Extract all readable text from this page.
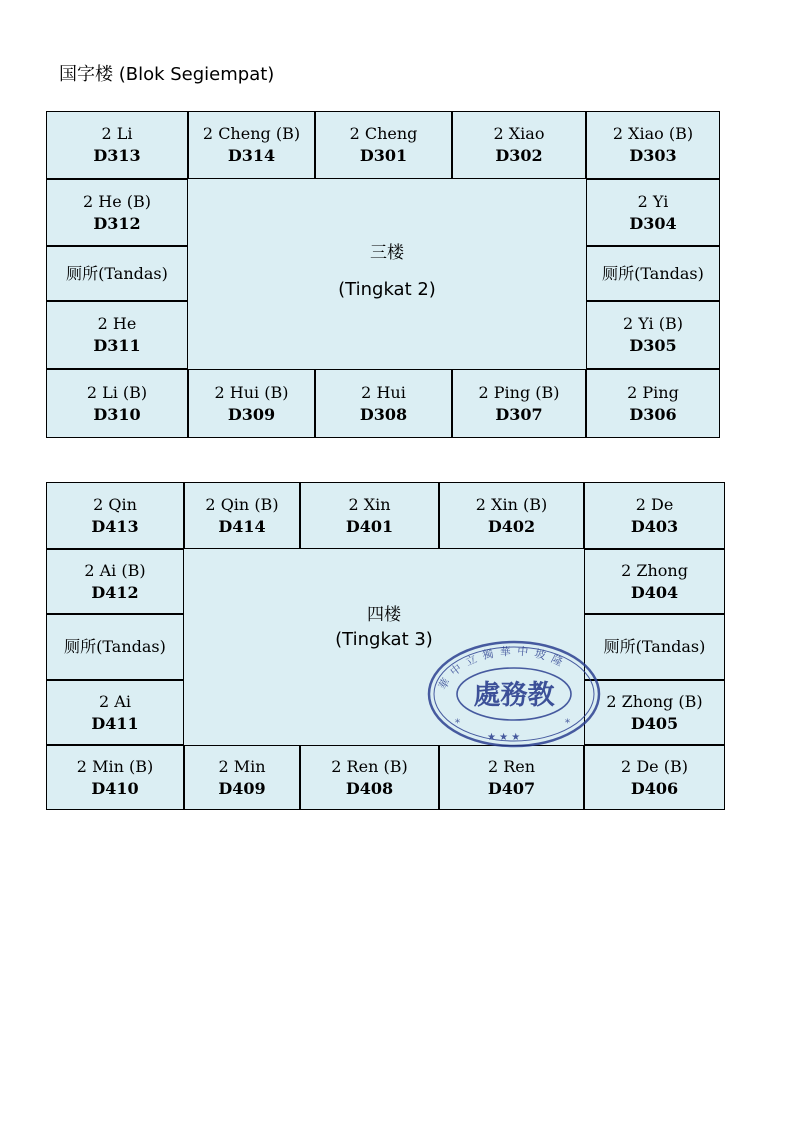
国字楼 (Blok Segiempat)
2 Li
D313
2 Cheng (B)
D314
2 Cheng
D301
2 Xiao
D302
2 Xiao (B)
D303
2 He (B)
D312
厕所(Tandas)
2 He
D311
2 Yi
D304
厕所(Tandas)
2 Yi (B)
D305
2 Li (B)
D310
2 Hui (B)
D309
2 Hui
D308
2 Ping (B)
D307
2 Ping
D306
三楼
(Tingkat 2)
2 Qin
D413
2 Qin (B)
D414
2 Xin
D401
2 Xin (B)
D402
2 De
D403
2 Ai (B)
D412
厕所(Tandas)
2 Ai
D411
2 Zhong
D404
厕所(Tandas)
2 Zhong (B)
D405
2 Min (B)
D410
2 Min
D409
2 Ren (B)
D408
2 Ren
D407
2 De (B)
D406
四楼
(Tingkat 3)
華中立獨華中坡隆
處務教
★ ★ ★
*	*
